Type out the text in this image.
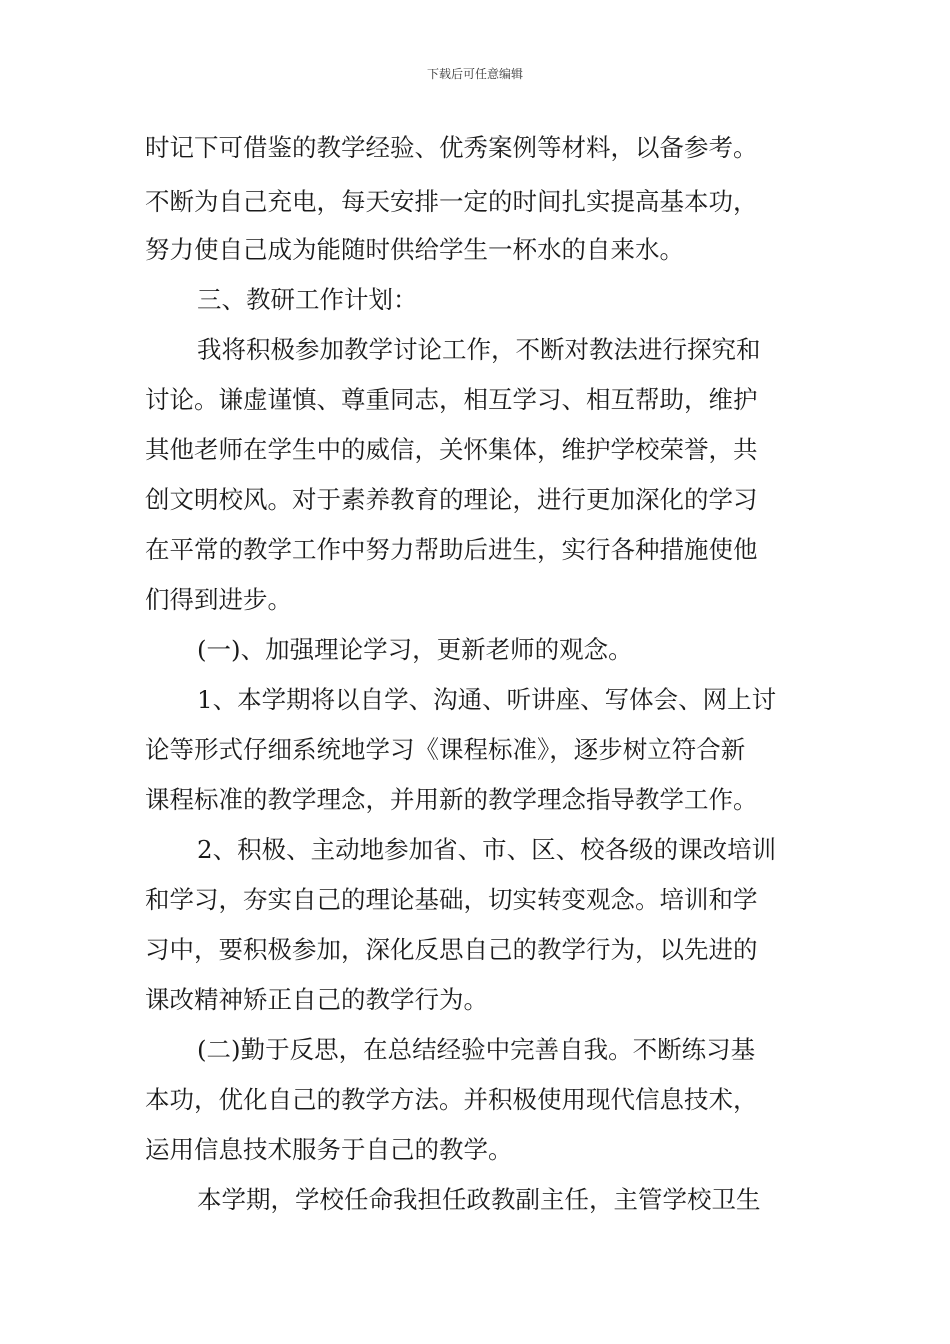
下载后可任意编辑
时记下可借鉴的教学经验、优秀案例等材料，以备参考。
不断为自己充电，每天安排一定的时间扎实提高基本功，
努力使自己成为能随时供给学生一杯水的自来水。
三、教研工作计划：
我将积极参加教学讨论工作，不断对教法进行探究和
讨论。谦虚谨慎、尊重同志，相互学习、相互帮助，维护
其他老师在学生中的威信，关怀集体，维护学校荣誉，共
创文明校风。对于素养教育的理论，进行更加深化的学习
在平常的教学工作中努力帮助后进生，实行各种措施使他
们得到进步。
(一)、加强理论学习，更新老师的观念。
1、本学期将以自学、沟通、听讲座、写体会、网上讨
论等形式仔细系统地学习《课程标准》，逐步树立符合新
课程标准的教学理念，并用新的教学理念指导教学工作。
2、积极、主动地参加省、市、区、校各级的课改培训
和学习，夯实自己的理论基础，切实转变观念。培训和学
习中，要积极参加，深化反思自己的教学行为，以先进的
课改精神矫正自己的教学行为。
(二)勤于反思，在总结经验中完善自我。不断练习基
本功，优化自己的教学方法。并积极使用现代信息技术，
运用信息技术服务于自己的教学。
本学期，学校任命我担任政教副主任，主管学校卫生
